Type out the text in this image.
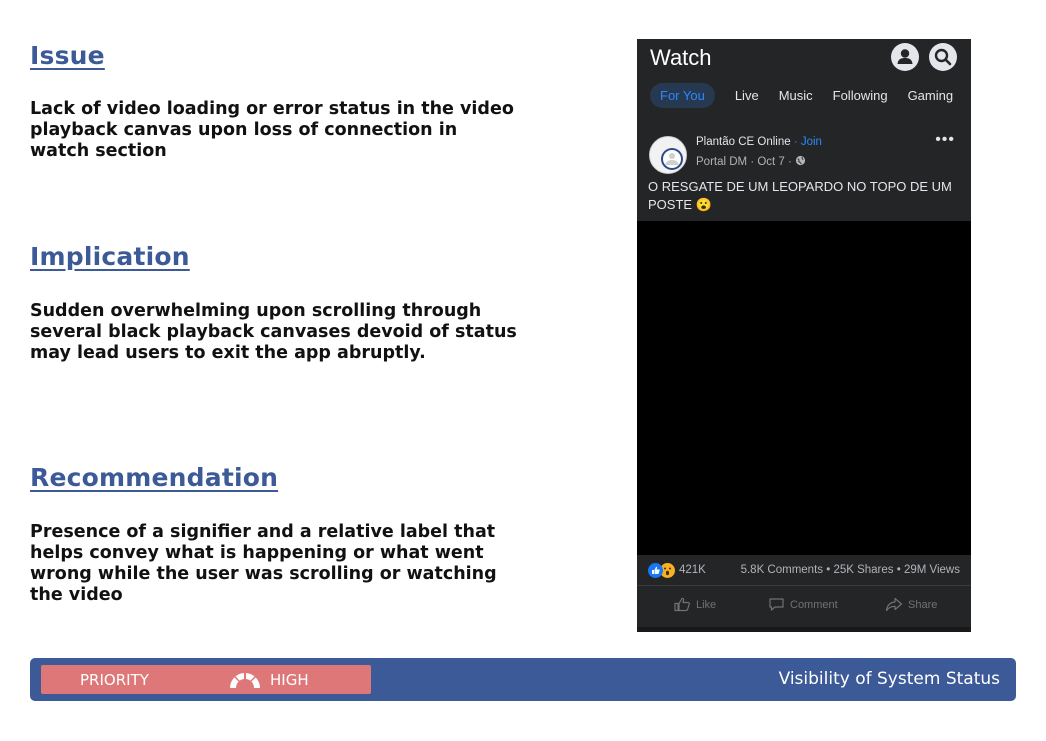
Issue

Lack of video loading or error status in the video playback canvas upon loss of connection in watch section

Implication

Sudden overwhelming upon scrolling through several black playback canvases devoid of status may lead users to exit the app abruptly.

Recommendation

Presence of a signifier and a relative label that helps convey what is happening or what went wrong while the user was scrolling or watching the video

Watch
For You	Live Music Following Gaming
Plantão CE Online · Join
Portal DM · Oct 7 ·
•••
O RESGATE DE UM LEOPARDO NO TOPO DE UM POSTE 😮
421K	5.8K Comments • 25K Shares • 29M Views
Like	Comment	Share
PRIORITY	HIGH	Visibility of System Status
